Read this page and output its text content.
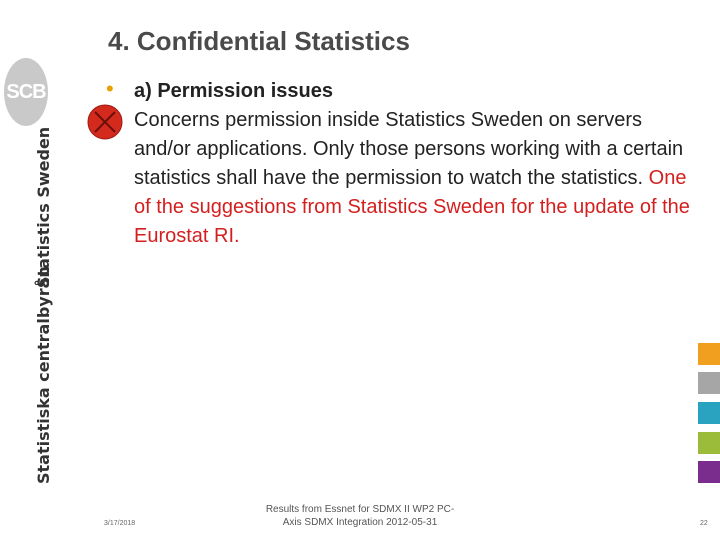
SCB
Statistics Sweden
Statistiska centralbyrån
4. Confidential Statistics
• a) Permission issues
Concerns permission inside Statistics Sweden on servers and/or applications. Only those persons working with a certain statistics shall have the permission to watch the statistics. One of the suggestions from Statistics Sweden for the update of the Eurostat RI.
3/17/2018
Results from Essnet for SDMX II WP2 PC-
Axis SDMX Integration 2012-05-31	22
